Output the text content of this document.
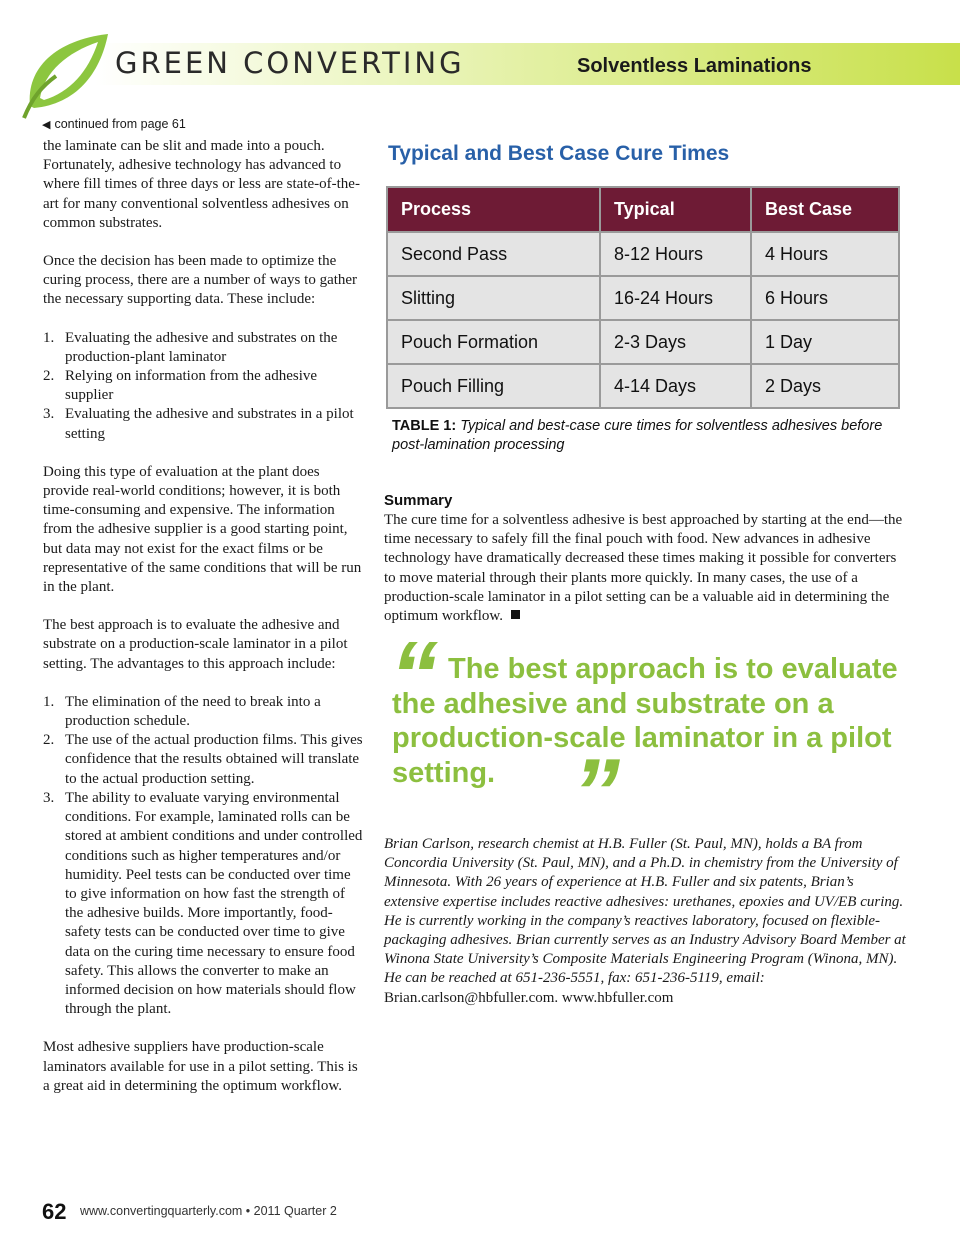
GREEN CONVERTING	Solventless Laminations
◀ continued from page 61

the laminate can be slit and made into a pouch. Fortunately, adhesive technology has advanced to where fill times of three days or less are state-of-the-art for many conventional solventless adhesives on common substrates.

Once the decision has been made to optimize the curing process, there are a number of ways to gather the necessary supporting data. These include:

1. Evaluating the adhesive and substrates on the production-plant laminator
2. Relying on information from the adhesive supplier
3. Evaluating the adhesive and substrates in a pilot setting

Doing this type of evaluation at the plant does provide real-world conditions; however, it is both time-consuming and expensive. The information from the adhesive supplier is a good starting point, but data may not exist for the exact films or be representative of the same conditions that will be run in the plant.

The best approach is to evaluate the adhesive and substrate on a production-scale laminator in a pilot setting. The advantages to this approach include:

1. The elimination of the need to break into a production schedule.
2. The use of the actual production films. This gives confidence that the results obtained will translate to the actual production setting.
3. The ability to evaluate varying environmental conditions. For example, laminated rolls can be stored at ambient conditions and under controlled conditions such as higher temperatures and/or humidity. Peel tests can be conducted over time to give information on how fast the strength of the adhesive builds. More importantly, food-safety tests can be conducted over time to give data on the curing time necessary to ensure food safety. This allows the converter to make an informed decision on how materials should flow through the plant.

Most adhesive suppliers have production-scale laminators available for use in a pilot setting. This is a great aid in determining the optimum workflow.

Typical and Best Case Cure Times
Process	Typical	Best Case
Second Pass	8-12 Hours	4 Hours
Slitting	16-24 Hours	6 Hours
Pouch Formation	2-3 Days	1 Day
Pouch Filling	4-14 Days	2 Days
TABLE 1: Typical and best-case cure times for solventless adhesives before post-lamination processing
Summary
The cure time for a solventless adhesive is best approached by starting at the end—the time necessary to safely fill the final pouch with food. New advances in adhesive technology have dramatically decreased these times making it possible for converters to move material through their plants more quickly. In many cases, the use of a production-scale laminator in a pilot setting can be a valuable aid in determining the optimum workflow.
“ The best approach is to evaluate the adhesive and substrate on a production-scale laminator in a pilot setting. ”
Brian Carlson, research chemist at H.B. Fuller (St. Paul, MN), holds a BA from Concordia University (St. Paul, MN), and a Ph.D. in chemistry from the University of Minnesota. With 26 years of experience at H.B. Fuller and six patents, Brian’s extensive expertise includes reactive adhesives: urethanes, epoxies and UV/EB curing. He is currently working in the company’s reactives laboratory, focused on flexible-packaging adhesives. Brian currently serves as an Industry Advisory Board Member at Winona State University’s Composite Materials Engineering Program (Winona, MN). He can be reached at 651-236-5551, fax: 651-236-5119, email: Brian.carlson@hbfuller.com. www.hbfuller.com
62 www.convertingquarterly.com • 2011 Quarter 2
